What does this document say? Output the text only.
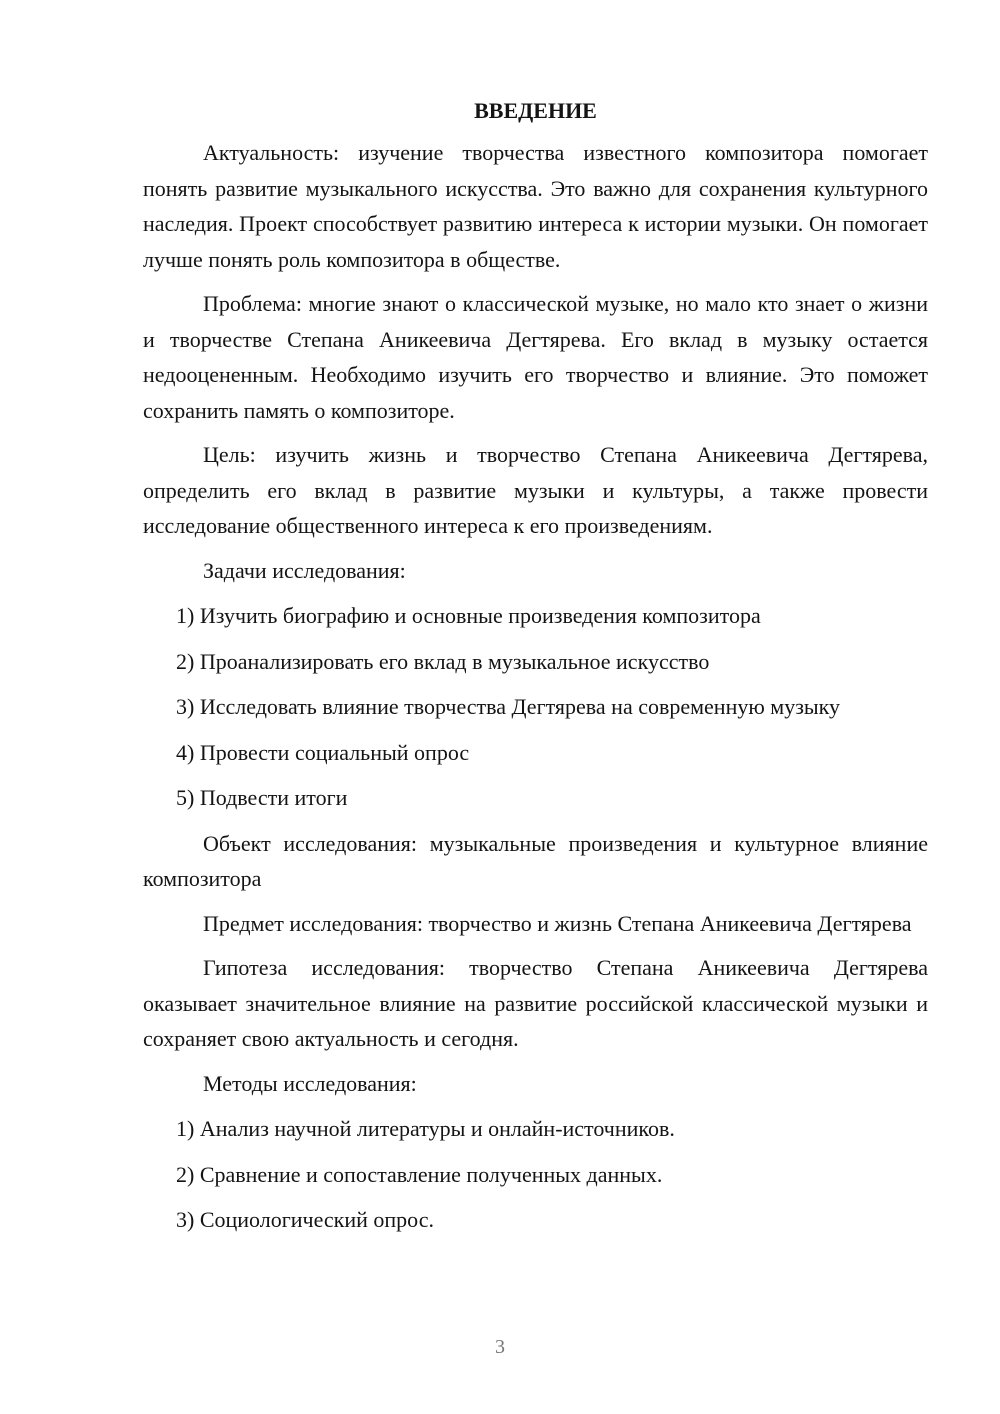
ВВЕДЕНИЕ
Актуальность: изучение творчества известного композитора помогает понять развитие музыкального искусства. Это важно для сохранения культурного наследия. Проект способствует развитию интереса к истории музыки. Он помогает лучше понять роль композитора в обществе.
Проблема: многие знают о классической музыке, но мало кто знает о жизни и творчестве Степана Аникеевича Дегтярева. Его вклад в музыку остается недооцененным. Необходимо изучить его творчество и влияние. Это поможет сохранить память о композиторе.
Цель: изучить жизнь и творчество Степана Аникеевича Дегтярева, определить его вклад в развитие музыки и культуры, а также провести исследование общественного интереса к его произведениям.
Задачи исследования:
1) Изучить биографию и основные произведения композитора
2) Проанализировать его вклад в музыкальное искусство
3) Исследовать влияние творчества Дегтярева на современную музыку
4) Провести социальный опрос
5) Подвести итоги
Объект исследования: музыкальные произведения и культурное влияние композитора
Предмет исследования: творчество и жизнь Степана Аникеевича Дегтярева
Гипотеза исследования: творчество Степана Аникеевича Дегтярева оказывает значительное влияние на развитие российской классической музыки и сохраняет свою актуальность и сегодня.
Методы исследования:
1) Анализ научной литературы и онлайн-источников.
2) Сравнение и сопоставление полученных данных.
3) Социологический опрос.
3
